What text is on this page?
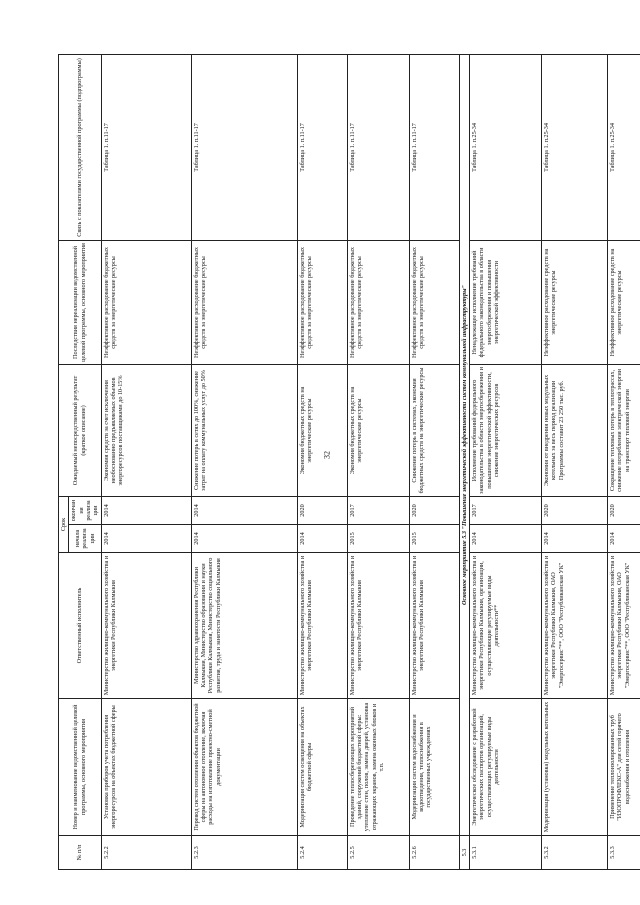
32
№ п/п	Номер и наименование ведомственной целевой программы, основного мероприятия	Ответственный исполнитель	Срок		Ожидаемый непосредственный результат (краткое описание)	Последствия нереализации ведомственной целевой программы, основного мероприятия	Связь с показателями государственной программы (подпрограммы)
			начала реализации	окончания реализации			
5.2.2	Установка приборов учета потребления энергоресурсов на объектах бюджетной сферы	Министерство жилищно-коммунального хозяйства и энергетики Республики Калмыкия	2014	2014	Экономия средств за счет исключения необоснованно предъявляемых объемов энергоресурсов поставщиками до 10-15%	Неэффективное расходование бюджетных средств за энергетические ресурсы	Таблица 1. п.11-17
5.2.3	Перевод систем отопления объектов бюджетной сферы на автономное отопление, включая расходы на изготовление проектно-сметной документации	Министерство здравоохранения Республики Калмыкия, Министерство образования и науки Республики Калмыкия, Министерство социального развития, труда и занятости Республики Калмыкия	2014	2014	Снижение потерь в сетях до 100%, снижение затрат на оплату коммунальных услуг до 50%	Неэффективное расходование бюджетных средств за энергетические ресурсы	Таблица 1. п.11-17
5.2.4	Модернизация систем освещения на объектах бюджетной сферы	Министерство жилищно-коммунального хозяйства и энергетики Республики Калмыкия	2014	2020	Экономия бюджетных средств на энергетические ресурсы	Неэффективное расходование бюджетных средств за энергетические ресурсы	Таблица 1. п.11-17
5.2.5	Проведение теплосберегающих мероприятий зданий, сооружений бюджетной сферы: утепление стен, полов, замена дверей, установка отражающих экранов, замена оконных блоков и т.п.	Министерство жилищно-коммунального хозяйства и энергетики Республики Калмыкия	2015	2017	Экономия бюджетных средств на энергетические ресурсы	Неэффективное расходование бюджетных средств за энергетические ресурсы	Таблица 1. п.11-17
5.2.6	Модернизация систем водоснабжения и водоотведения, теплоснабжения в государственных учреждениях	Министерство жилищно-коммунального хозяйства и энергетики Республики Калмыкия	2015	2020	Снижение потерь в системах, экономия бюджетных средств на энергетические ресурсы	Неэффективное расходование бюджетных средств за энергетические ресурсы	Таблица 1. п.11-17
5.3	Основное мероприятие 5.3 "Повышение энергетической эффективности систем коммунальной инфраструктуры"						
5.3.1	Энергетическое обследование с разработкой энергетических паспортов организаций, осуществляющих регулируемые виды деятельности	Министерство жилищно-коммунального хозяйства и энергетики Республики Калмыкия, организации, осуществляющие регулируемые виды деятельности**	2014	2017	Исполнение требований федерального законодательства в области энергосбережения и повышения энергетической эффективности, снижение энергетических ресурсов	Ненадлежащее исполнение требований федерального законодательства в области энергосбережения и повышения энергетической эффективности	Таблица 1. п.25-34
5.3.2	Модернизация (установка) модульных котельных	Министерство жилищно-коммунального хозяйства и энергетики Республики Калмыкия, ОАО "Энергосервис"**, ООО "Республиканская УК"	2014	2020	Экономия от внедрения новых модульных котельных за весь период реализации Программы составит 23 250 тыс. руб.	Неэффективное расходование средств на энергетические ресурсы	Таблица 1. п.25-34
5.3.3	Применение теплоизолированных труб "ИЗОПРОФЛЕКС-А" для сетей горячего водоснабжения и отопления	Министерство жилищно-коммунального хозяйства и энергетики Республики Калмыкия, ОАО "Энергосервис"**, ООО "Республиканская УК"	2014	2020	Сокращение тепловых потерь в теплотрассах, снижение потребления электрической энергии на транспорт тепловой энергии	Неэффективное расходование средств на энергетические ресурсы	Таблица 1. п.25-34
